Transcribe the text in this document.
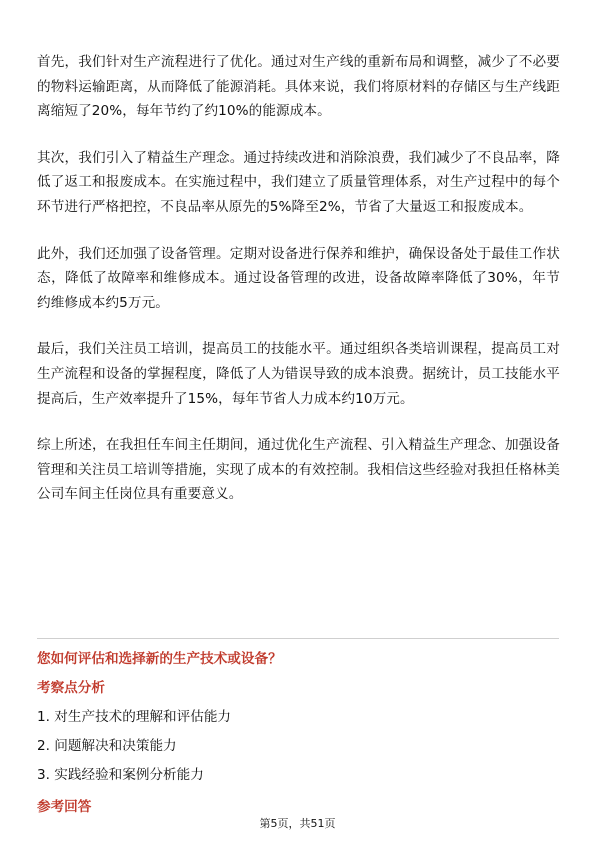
首先，我们针对生产流程进行了优化。通过对生产线的重新布局和调整，减少了不必要的物料运输距离，从而降低了能源消耗。具体来说，我们将原材料的存储区与生产线距离缩短了20%，每年节约了约10%的能源成本。

其次，我们引入了精益生产理念。通过持续改进和消除浪费，我们减少了不良品率，降低了返工和报废成本。在实施过程中，我们建立了质量管理体系，对生产过程中的每个环节进行严格把控，不良品率从原先的5%降至2%，节省了大量返工和报废成本。

此外，我们还加强了设备管理。定期对设备进行保养和维护，确保设备处于最佳工作状态，降低了故障率和维修成本。通过设备管理的改进，设备故障率降低了30%，年节约维修成本约5万元。

最后，我们关注员工培训，提高员工的技能水平。通过组织各类培训课程，提高员工对生产流程和设备的掌握程度，降低了人为错误导致的成本浪费。据统计，员工技能水平提高后，生产效率提升了15%，每年节省人力成本约10万元。

综上所述，在我担任车间主任期间，通过优化生产流程、引入精益生产理念、加强设备管理和关注员工培训等措施，实现了成本的有效控制。我相信这些经验对我担任格林美公司车间主任岗位具有重要意义。

您如何评估和选择新的生产技术或设备？
考察点分析
1. 对生产技术的理解和评估能力
2. 问题解决和决策能力
3. 实践经验和案例分析能力
参考回答
第5页，共51页
